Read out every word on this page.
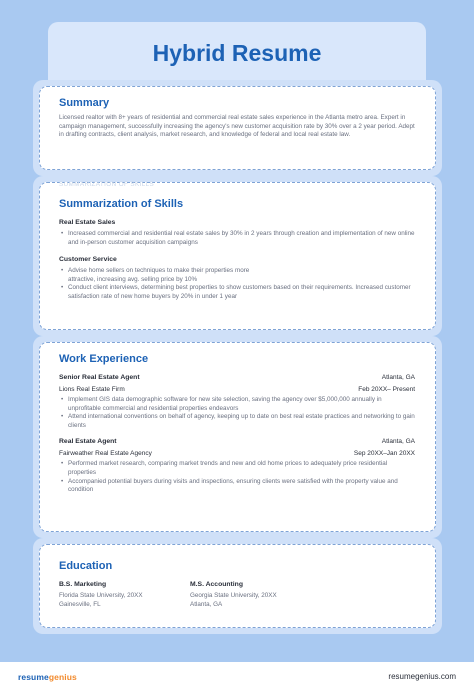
Hybrid Resume
Summary
Licensed realtor with 8+ years of residential and commercial real estate sales experience in the Atlanta metro area. Expert in campaign management, successfully increasing the agency's new customer acquisition rate by 30% over a 2 year period. Adept in drafting contracts, client analysis, market research, and knowledge of federal and local real estate law.
SUMMARIZATION OF SKILLS
Summarization of Skills
Real Estate Sales
• Increased commercial and residential real estate sales by 30% in 2 years through creation and implementation of new online and in-person customer acquisition campaigns
Customer Service
• Advise home sellers on techniques to make their properties more attractive, increasing avg. selling price by 10%
• Conduct client interviews, determining best properties to show customers based on their requirements. Increased customer satisfaction rate of new home buyers by 20% in under 1 year
Work Experience
Senior Real Estate Agent	Atlanta, GA
Lions Real Estate Firm	Feb 20XX– Present
• Implement GIS data demographic software for new site selection, saving the agency over $5,000,000 annually in unprofitable commercial and residential properties endeavors
• Attend international conventions on behalf of agency, keeping up to date on best real estate practices and networking to gain clients
Real Estate Agent	Atlanta, GA
Fairweather Real Estate Agency	Sep 20XX–Jan 20XX
• Performed market research, comparing market trends and new and old home prices to adequately price residential properties
• Accompanied potential buyers during visits and inspections, ensuring clients were satisfied with the property value and condition
Education
B.S. Marketing
Florida State University, 20XX
Gainesville, FL
M.S. Accounting
Georgia State University, 20XX
Atlanta, GA
resumegenius	resumegenius.com
